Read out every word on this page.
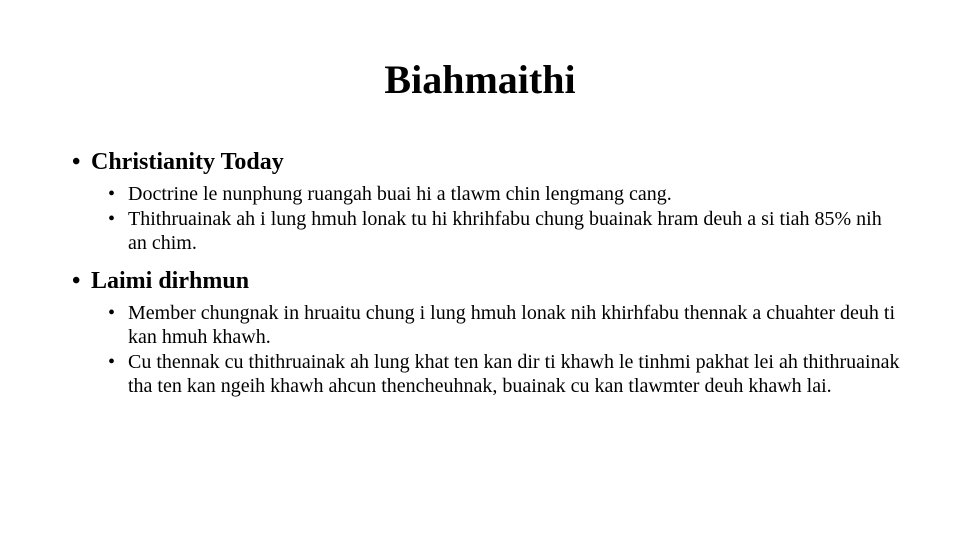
Biahmaithi
• Christianity Today
• Doctrine le nunphung ruangah buai hi a tlawm chin lengmang cang.
• Thithruainak ah i lung hmuh lonak tu hi khrihfabu chung buainak hram deuh a si tiah 85% nih an chim.
• Laimi dirhmun
• Member chungnak in hruaitu chung i lung hmuh lonak nih khirhfabu thennak a chuahter deuh ti kan hmuh khawh.
• Cu thennak cu thithruainak ah lung khat ten kan dir ti khawh le tinhmi pakhat lei ah thithruainak tha ten kan ngeih khawh ahcun thencheuhnak, buainak cu kan tlawmter deuh khawh lai.
